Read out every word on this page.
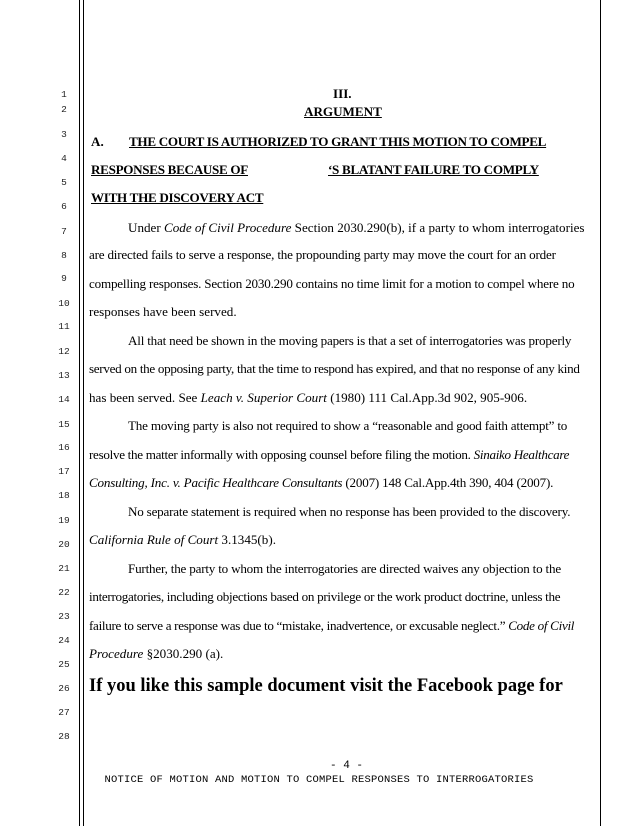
1
2
3
4
5
6
7
8
9
10
11
12
13
14
15
16
17
18
19
20
21
22
23
24
25
26
27
28
III.
ARGUMENT
A. THE COURT IS AUTHORIZED TO GRANT THIS MOTION TO COMPEL
RESPONSES BECAUSE OF	‘S BLATANT FAILURE TO COMPLY
WITH THE DISCOVERY ACT
Under Code of Civil Procedure Section 2030.290(b), if a party to whom interrogatories
are directed fails to serve a response, the propounding party may move the court for an order
compelling responses. Section 2030.290 contains no time limit for a motion to compel where no
responses have been served.
All that need be shown in the moving papers is that a set of interrogatories was properly
served on the opposing party, that the time to respond has expired, and that no response of any kind
has been served. See Leach v. Superior Court (1980) 111 Cal.App.3d 902, 905-906.
The moving party is also not required to show a “reasonable and good faith attempt” to
resolve the matter informally with opposing counsel before filing the motion. Sinaiko Healthcare
Consulting, Inc. v. Pacific Healthcare Consultants (2007) 148 Cal.App.4th 390, 404 (2007).
No separate statement is required when no response has been provided to the discovery.
California Rule of Court 3.1345(b).
Further, the party to whom the interrogatories are directed waives any objection to the
interrogatories, including objections based on privilege or the work product doctrine, unless the
failure to serve a response was due to “mistake, inadvertence, or excusable neglect.” Code of Civil
Procedure §2030.290 (a).
If you like this sample document visit the Facebook page for
- 4 -
NOTICE OF MOTION AND MOTION TO COMPEL RESPONSES TO INTERROGATORIES
